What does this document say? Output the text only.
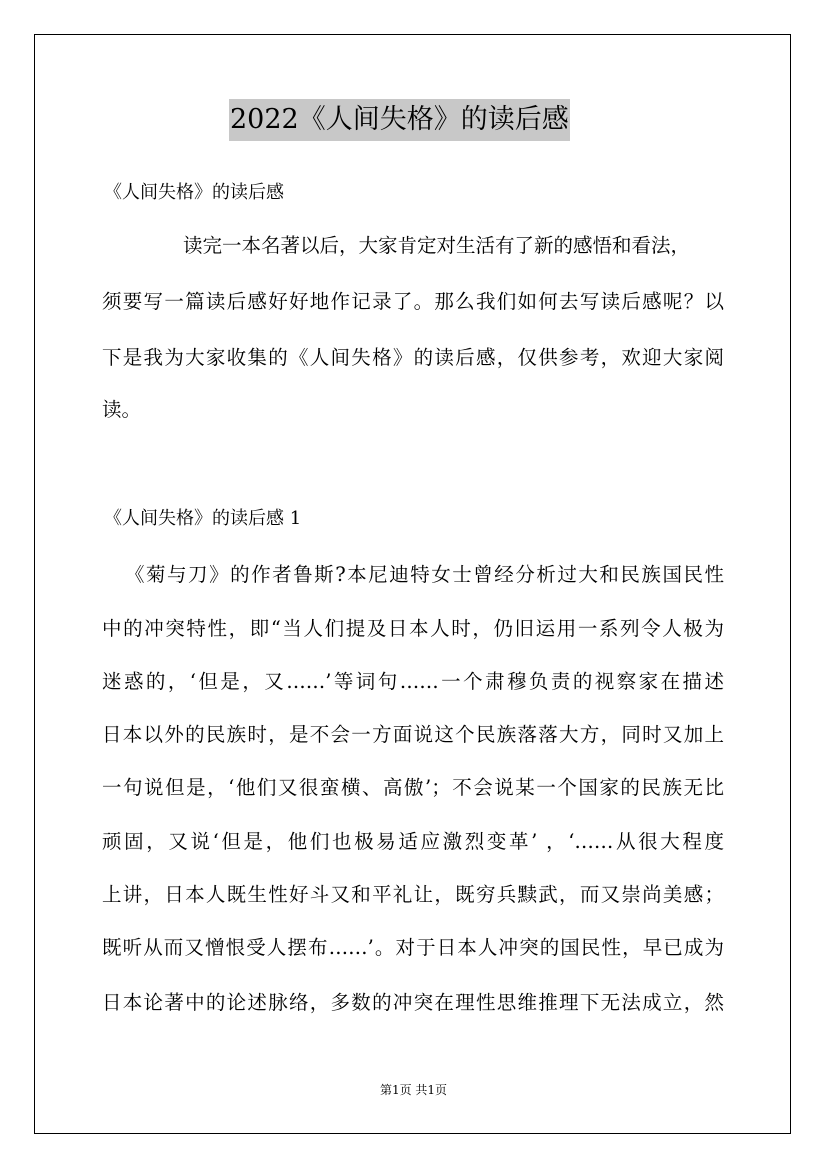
2022《人间失格》的读后感
《人间失格》的读后感
读完一本名著以后，大家肯定对生活有了新的感悟和看法，
须要写一篇读后感好好地作记录了。那么我们如何去写读后感呢？以
下是我为大家收集的《人间失格》的读后感，仅供参考，欢迎大家阅
读。
《人间失格》的读后感 1
《菊与刀》的作者鲁斯?本尼迪特女士曾经分析过大和民族国民性
中的冲突特性，即“当人们提及日本人时，仍旧运用一系列令人极为
迷惑的，‘但是，又……’等词句……一个肃穆负责的视察家在描述
日本以外的民族时，是不会一方面说这个民族落落大方，同时又加上
一句说但是，‘他们又很蛮横、高傲’；不会说某一个国家的民族无比
顽固，又说‘但是，他们也极易适应激烈变革’ ，‘……从很大程度
上讲，日本人既生性好斗又和平礼让，既穷兵黩武，而又崇尚美感；
既听从而又憎恨受人摆布……’。对于日本人冲突的国民性，早已成为
日本论著中的论述脉络，多数的冲突在理性思维推理下无法成立，然
第1页 共1页
